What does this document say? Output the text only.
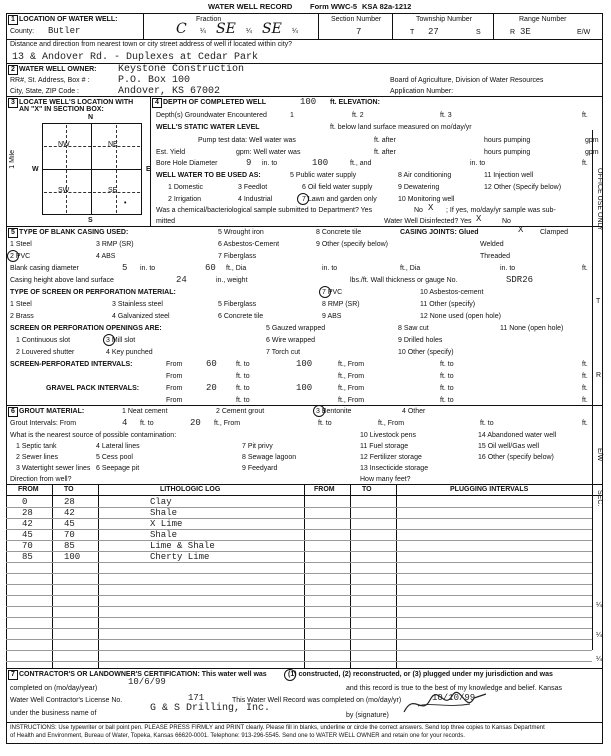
WATER WELL RECORD Form WWC-5 KSA 82a-1212
1 LOCATION OF WATER WELL:
County: Butler
Fraction
C ¼ SE ¼ SE ¼
Section Number
7
Township Number
T 27	S
Range Number
R 3E	E/W
Distance and direction from nearest town or city street address of well if located within city?
13 & Andover Rd. - Duplexes at Cedar Park
2 WATER WELL OWNER: Keystone Construction
RR#, St. Address, Box # :	P.O. Box 100	Board of Agriculture, Division of Water Resources
City, State, ZIP Code :	Andover, KS 67002	Application Number:
3 LOCATE WELL'S LOCATION WITH
AN "X" IN SECTION BOX:
N
S
W	E
1 Mile
NW	NE
SW	SE
•
4 DEPTH OF COMPLETED WELL	100 ft. ELEVATION:
Depth(s) Groundwater Encountered	1	ft. 2	ft. 3	ft.
WELL'S STATIC WATER LEVEL	ft. below land surface measured on mo/day/yr
Pump test data: Well water was	ft. after	hours pumping	gpm
Est. Yield	gpm: Well water was	ft. after	hours pumping	gpm
Bore Hole Diameter	9 in. to	100	ft., and	in. to	ft.
WELL WATER TO BE USED AS:	5 Public water supply	8 Air conditioning	11 Injection well
1 Domestic	3 Feedlot	6 Oil field water supply	9 Dewatering	12 Other (Specify below)
2 Irrigation	4 Industrial	7 Lawn and garden only	10 Monitoring well
Was a chemical/bacteriological sample submitted to Department? Yes	No X ; If yes, mo/day/yr sample was sub-
mitted	Water Well Disinfected? Yes X	No
5 TYPE OF BLANK CASING USED:	5 Wrought iron	8 Concrete tile	CASING JOINTS: Glued	X Clamped
1 Steel	3 RMP (SR)	6 Asbestos-Cement	9 Other (specify below)	Welded
2 PVC	4 ABS	7 Fiberglass	Threaded
Blank casing diameter	5 in. to	60 ft., Dia	in. to	ft., Dia	in. to	ft.
Casing height above land surface	24	in., weight	lbs./ft. Wall thickness or gauge No.	SDR26
TYPE OF SCREEN OR PERFORATION MATERIAL:	7 PVC	10 Asbestos-cement
1 Steel	3 Stainless steel	5 Fiberglass	8 RMP (SR)	11 Other (specify)
2 Brass	4 Galvanized steel	6 Concrete tile	9 ABS	12 None used (open hole)
SCREEN OR PERFORATION OPENINGS ARE:	5 Gauzed wrapped	8 Saw cut	11 None (open hole)
1 Continuous slot	3 Mill slot	6 Wire wrapped	9 Drilled holes
2 Louvered shutter	4 Key punched	7 Torch cut	10 Other (specify)
SCREEN-PERFORATED INTERVALS:	From	60	ft. to	100	ft., From	ft. to	ft.
From	ft. to	ft., From	ft. to	ft.
GRAVEL PACK INTERVALS:	From	20	ft. to	100	ft., From	ft. to	ft.
From	ft. to	ft., From	ft. to	ft.
6 GROUT MATERIAL:	1 Neat cement	2 Cement grout	3 Bentonite	4 Other
Grout Intervals: From	4 ft. to	20 ft., From	ft. to	ft., From	ft. to	ft.
What is the nearest source of possible contamination:	10 Livestock pens	14 Abandoned water well
1 Septic tank	4 Lateral lines	7 Pit privy	11 Fuel storage	15 Oil well/Gas well
2 Sewer lines	5 Cess pool	8 Sewage lagoon	12 Fertilizer storage	16 Other (specify below)
3 Watertight sewer lines 6 Seepage pit	9 Feedyard	13 Insecticide storage
Direction from well?	How many feet?
FROM	TO	LITHOLOGIC LOG	FROM	TO	PLUGGING INTERVALS
0	28	Clay
28	42	Shale
42	45	X Lime
45	70	Shale
70	85	Lime & Shale
85	100	Cherty Lime
7 CONTRACTOR'S OR LANDOWNER'S CERTIFICATION: This water well was	(1) constructed, (2) reconstructed, or (3) plugged under my jurisdiction and was
completed on (mo/day/year)
10/6/99
and this record is true to the best of my knowledge and belief. Kansas
Water Well Contractor's License No.	171	This Water Well Record was completed on (mo/day/yr)	10/10/99
under the business name of	G & S Drilling, Inc.
by (signature)
INSTRUCTIONS: Use typewriter or ball point pen. PLEASE PRESS FIRMLY and PRINT clearly. Please fill in blanks, underline or circle the correct answers. Send top three copies to Kansas Department
of Health and Environment, Bureau of Water, Topeka, Kansas 66620-0001. Telephone: 913-296-5545. Send one to WATER WELL OWNER and retain one for your records.
OFFICE USE ONLY
T
R
E/W
SEC.
¼
¼
¼
